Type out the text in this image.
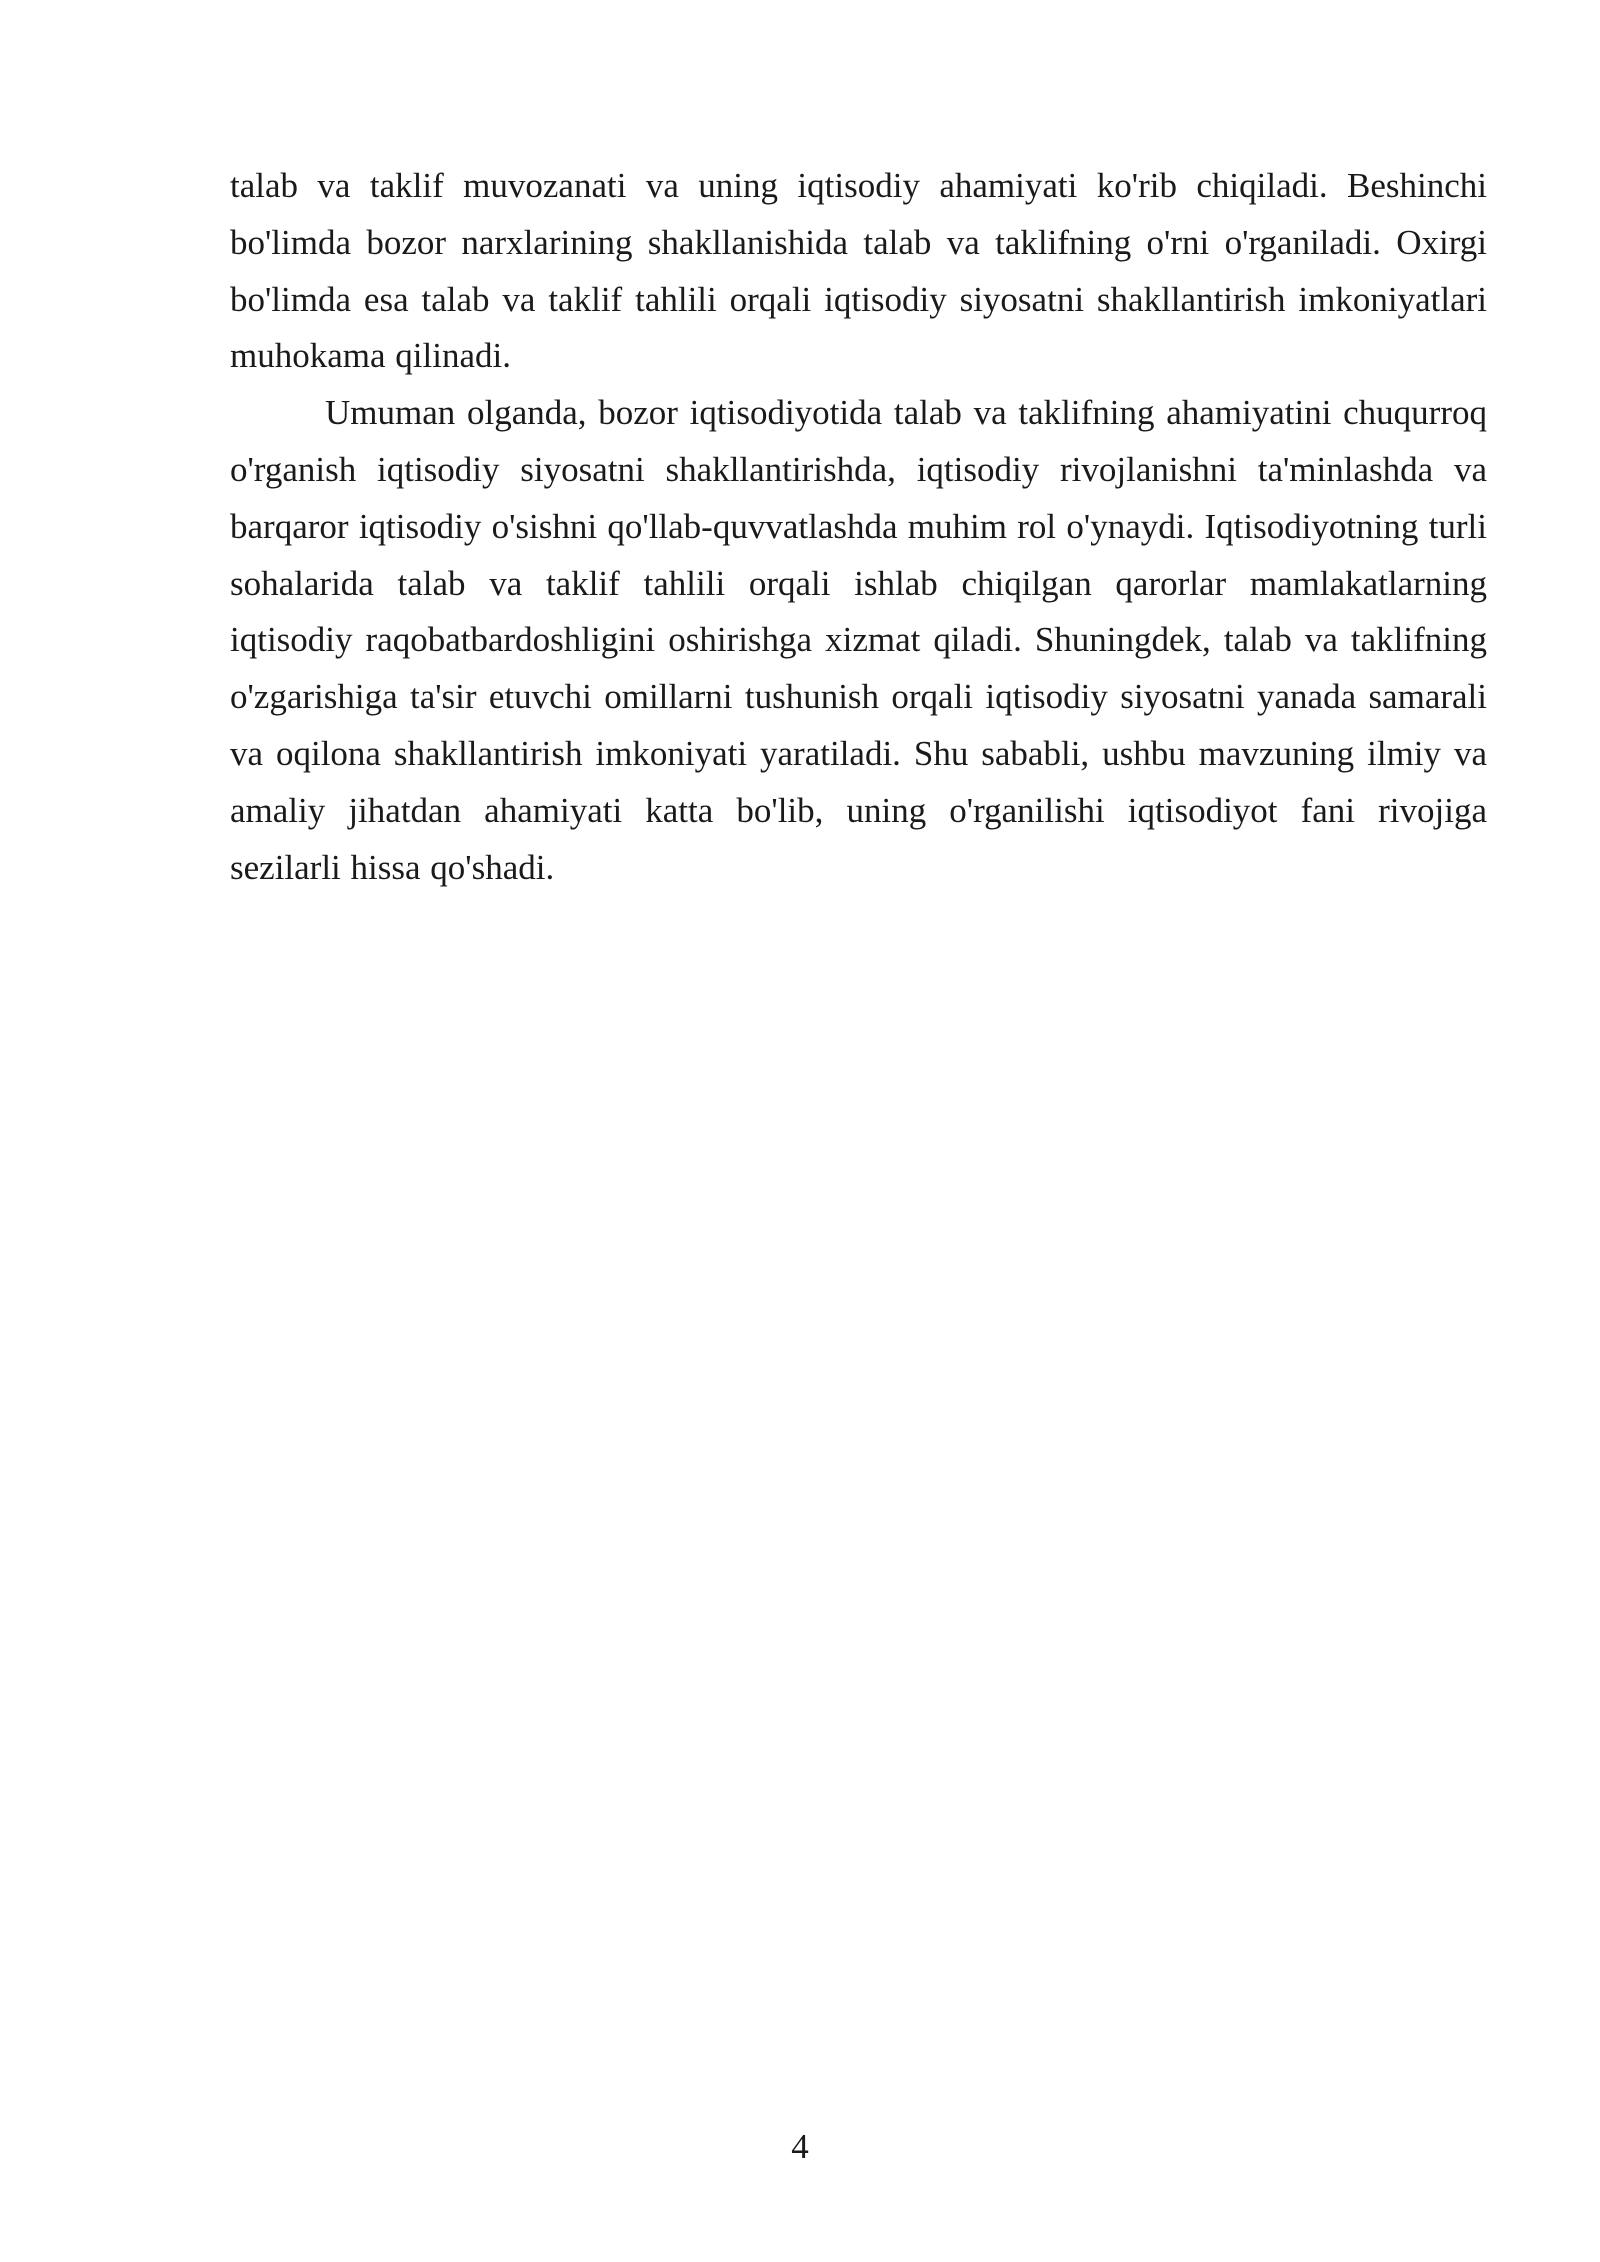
talab va taklif muvozanati va uning iqtisodiy ahamiyati ko'rib chiqiladi. Beshinchi bo'limda bozor narxlarining shakllanishida talab va taklifning o'rni o'rganiladi. Oxirgi bo'limda esa talab va taklif tahlili orqali iqtisodiy siyosatni shakllantirish imkoniyatlari muhokama qilinadi.

Umuman olganda, bozor iqtisodiyotida talab va taklifning ahamiyatini chuqurroq o'rganish iqtisodiy siyosatni shakllantirishda, iqtisodiy rivojlanishni ta'minlashda va barqaror iqtisodiy o'sishni qo'llab-quvvatlashda muhim rol o'ynaydi. Iqtisodiyotning turli sohalarida talab va taklif tahlili orqali ishlab chiqilgan qarorlar mamlakatlarning iqtisodiy raqobatbardoshligini oshirishga xizmat qiladi. Shuningdek, talab va taklifning o'zgarishiga ta'sir etuvchi omillarni tushunish orqali iqtisodiy siyosatni yanada samarali va oqilona shakllantirish imkoniyati yaratiladi. Shu sababli, ushbu mavzuning ilmiy va amaliy jihatdan ahamiyati katta bo'lib, uning o'rganilishi iqtisodiyot fani rivojiga sezilarli hissa qo'shadi.

4
